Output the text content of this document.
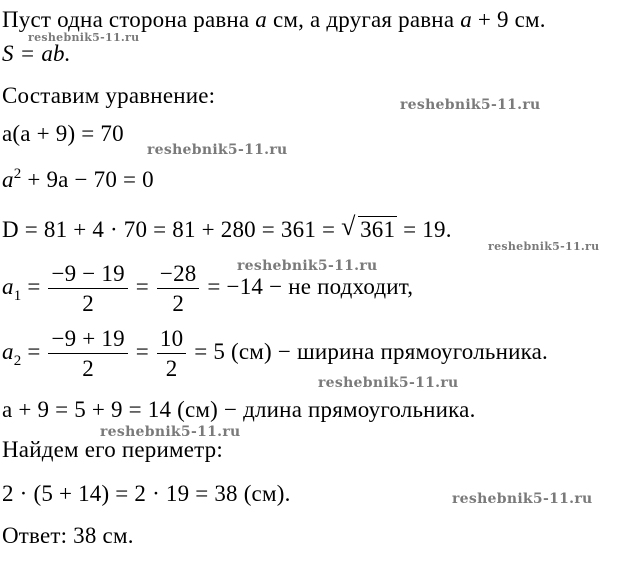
Пуст одна сторона равна a см, а другая равна a + 9 см.
S = ab.
Составим уравнение:
a(a + 9) = 70
$a^2 + 9a - 70 = 0$
D = 81 + 4 · 70 = 81 + 280 = 361 = √ 361 = 19.
$a_1 = \frac{-9 - 19}{2} = \frac{-28}{2} = -14$ − не подходит,
$a_2 = \frac{-9 + 19}{2} = \frac{10}{2} = 5$ (см) − ширина прямоугольника.
a + 9 = 5 + 9 = 14 (см) − длина прямоугольника.
Найдем его периметр:
2 · (5 + 14) = 2 · 19 = 38 (см).
Ответ: 38 см.
reshebnik5-11.ru
reshebnik5-11.ru
reshebnik5-11.ru
reshebnik5-11.ru
reshebnik5-11.ru
reshebnik5-11.ru
reshebnik5-11.ru
reshebnik5-11.ru
